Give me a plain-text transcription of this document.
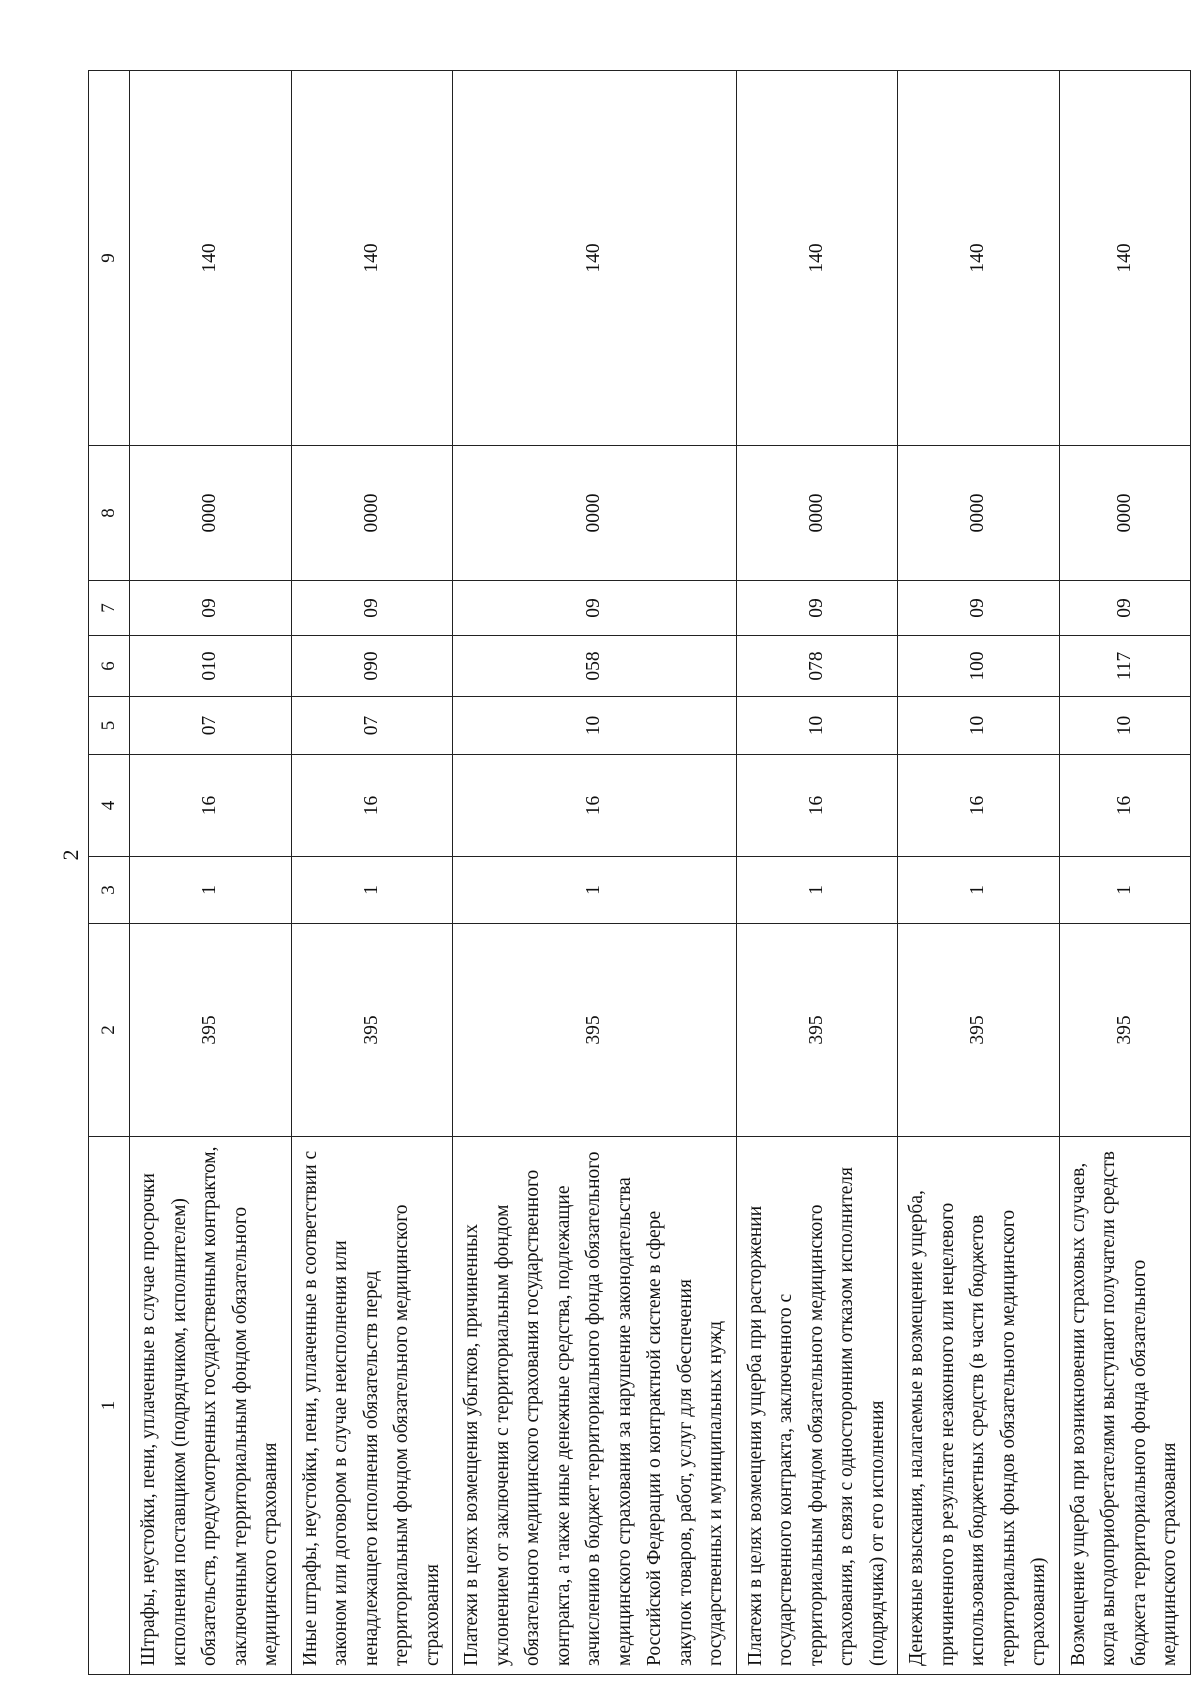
2
1	2	3	4	5	6	7	8	9
Штрафы, неустойки, пени, уплаченные в случае просрочки исполнения поставщиком (подрядчиком, исполнителем) обязательств, предусмотренных государственным контрактом, заключенным территориальным фондом обязательного медицинского страхования	395	1	16	07	010	09	0000	140
Иные штрафы, неустойки, пени, уплаченные в соответствии с законом или договором в случае неисполнения или ненадлежащего исполнения обязательств перед территориальным фондом обязательного медицинского страхования	395	1	16	07	090	09	0000	140
Платежи в целях возмещения убытков, причиненных уклонением от заключения с территориальным фондом обязательного медицинского страхования государственного контракта, а также иные денежные средства, подлежащие зачислению в бюджет территориального фонда обязательного медицинского страхования за нарушение законодательства Российской Федерации о контрактной системе в сфере закупок товаров, работ, услуг для обеспечения государственных и муниципальных нужд	395	1	16	10	058	09	0000	140
Платежи в целях возмещения ущерба при расторжении государственного контракта, заключенного с территориальным фондом обязательного медицинского страхования, в связи с односторонним отказом исполнителя (подрядчика) от его исполнения	395	1	16	10	078	09	0000	140
Денежные взыскания, налагаемые в возмещение ущерба, причиненного в результате незаконного или нецелевого использования бюджетных средств (в части бюджетов территориальных фондов обязательного медицинского страхования)	395	1	16	10	100	09	0000	140
Возмещение ущерба при возникновении страховых случаев, когда выгодоприобретателями выступают получатели средств бюджета территориального фонда обязательного медицинского страхования	395	1	16	10	117	09	0000	140
